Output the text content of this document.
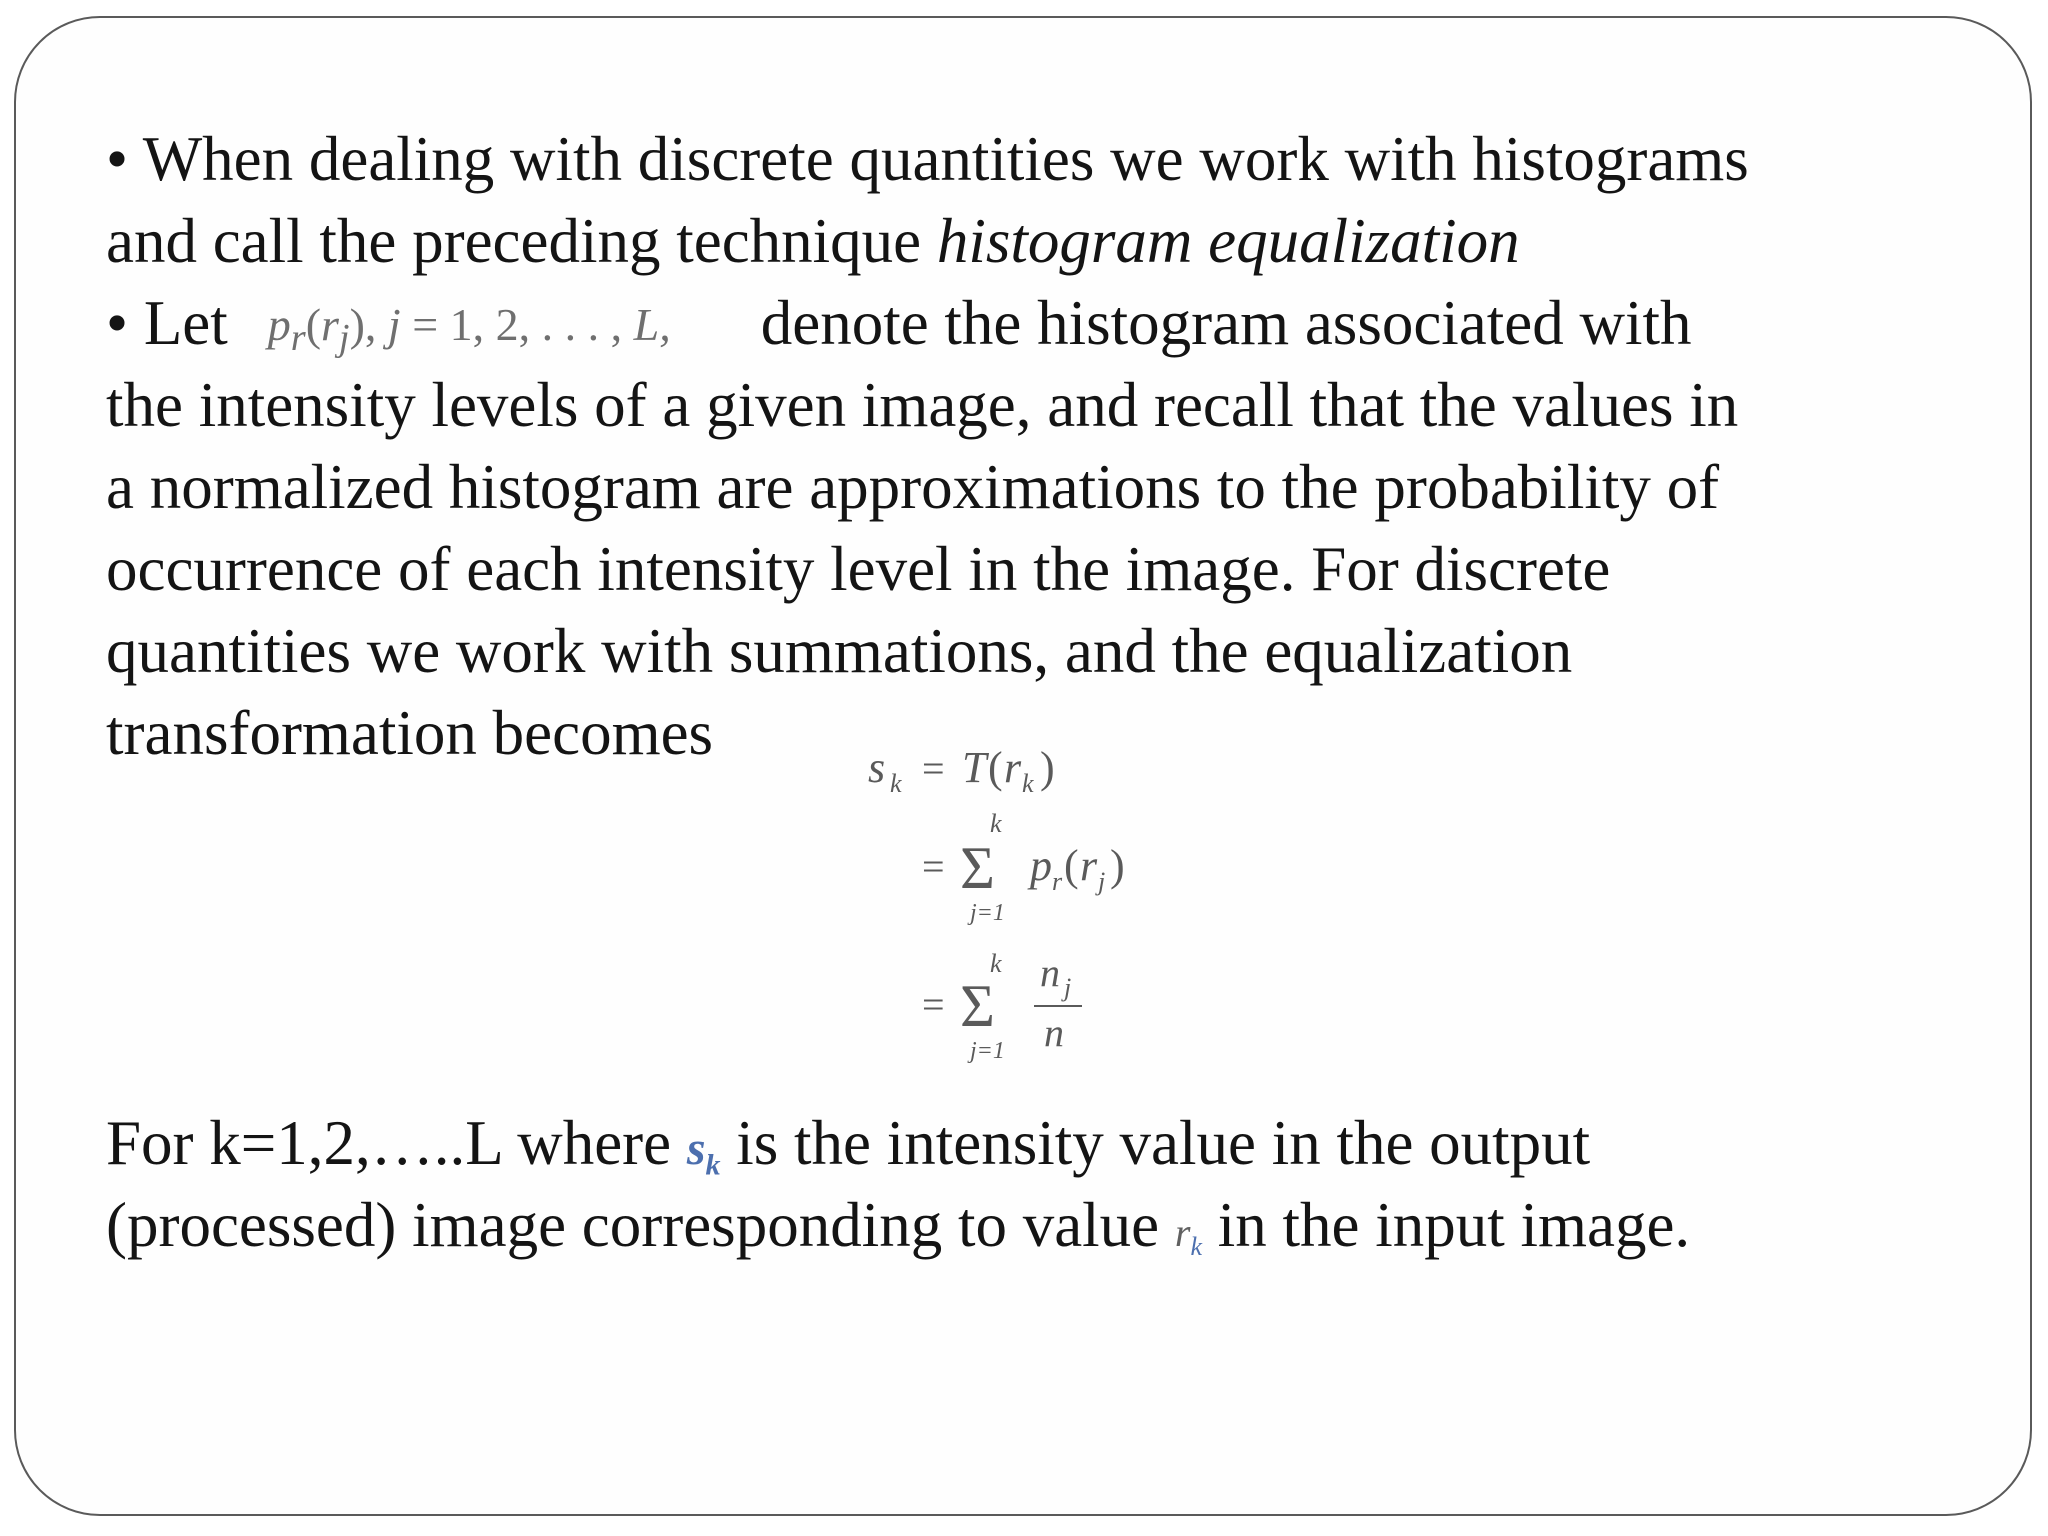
• When dealing with discrete quantities we work with histograms
and call the preceding technique histogram equalization
• Let $p_r(r_j)$, j = 1, 2, . . . , L, denote the histogram associated with
the intensity levels of a given image, and recall that the values in
a normalized histogram are approximations to the probability of
occurrence of each intensity level in the image. For discrete
quantities we work with summations, and the equalization
transformation becomes
For k=1,2,…..L where $s_k$ is the intensity value in the output
(processed) image corresponding to value $r_k$ in the input image.
s k = T ( r k )
k
= Σ
j=1
p r ( r j )
k
= Σ
j=1
n j
n
